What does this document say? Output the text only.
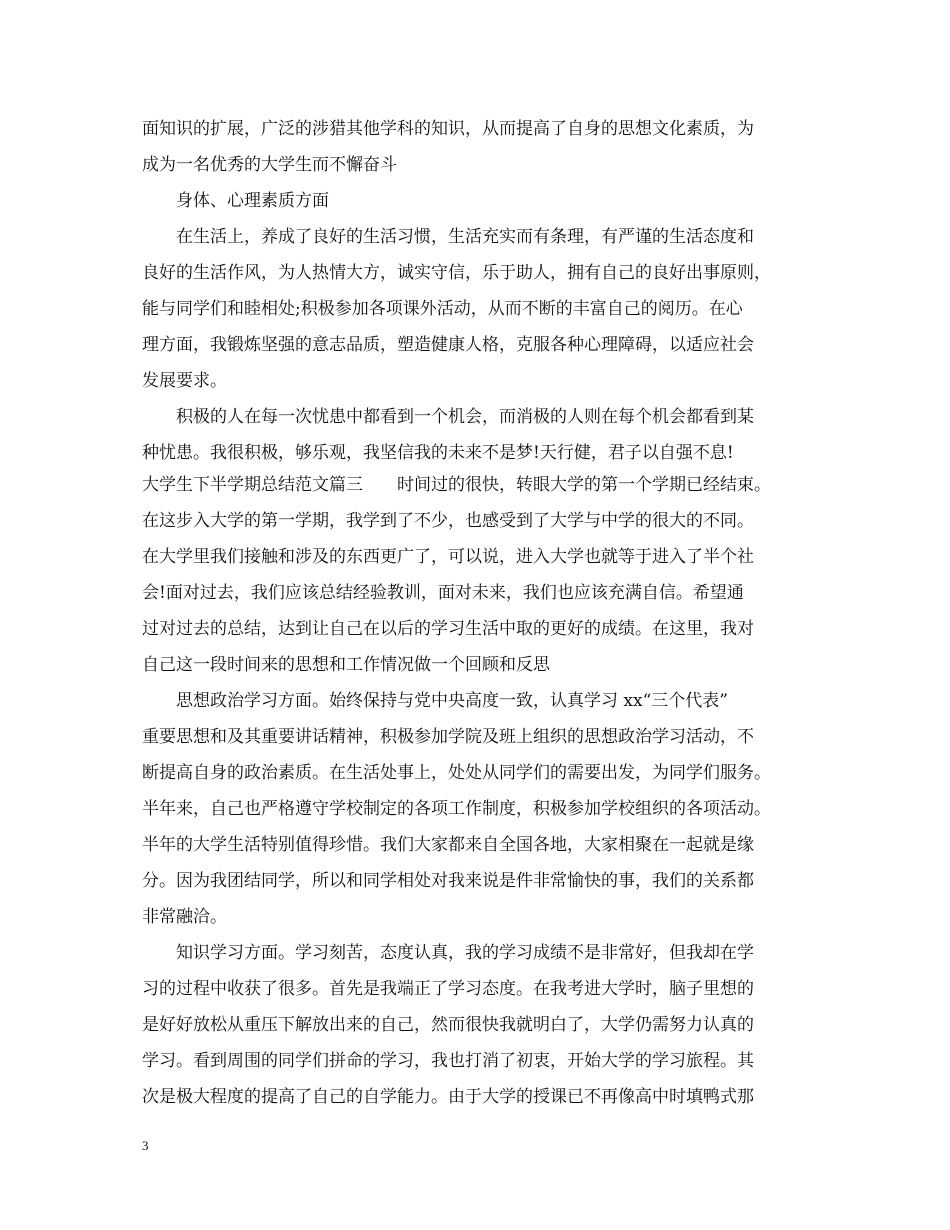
面知识的扩展，广泛的涉猎其他学科的知识，从而提高了自身的思想文化素质，为
成为一名优秀的大学生而不懈奋斗
身体、心理素质方面
在生活上，养成了良好的生活习惯，生活充实而有条理，有严谨的生活态度和
良好的生活作风，为人热情大方，诚实守信，乐于助人，拥有自己的良好出事原则，
能与同学们和睦相处;积极参加各项课外活动，从而不断的丰富自己的阅历。在心
理方面，我锻炼坚强的意志品质，塑造健康人格，克服各种心理障碍，以适应社会
发展要求。
积极的人在每一次忧患中都看到一个机会，而消极的人则在每个机会都看到某
种忧患。我很积极，够乐观，我坚信我的未来不是梦!天行健，君子以自强不息!
大学生下半学期总结范文篇三　　时间过的很快，转眼大学的第一个学期已经结束。
在这步入大学的第一学期，我学到了不少，也感受到了大学与中学的很大的不同。
在大学里我们接触和涉及的东西更广了，可以说，进入大学也就等于进入了半个社
会!面对过去，我们应该总结经验教训，面对未来，我们也应该充满自信。希望通
过对过去的总结，达到让自己在以后的学习生活中取的更好的成绩。在这里，我对
自己这一段时间来的思想和工作情况做一个回顾和反思
思想政治学习方面。始终保持与党中央高度一致，认真学习 xx“三个代表”
重要思想和及其重要讲话精神，积极参加学院及班上组织的思想政治学习活动，不
断提高自身的政治素质。在生活处事上，处处从同学们的需要出发，为同学们服务。
半年来，自己也严格遵守学校制定的各项工作制度，积极参加学校组织的各项活动。
半年的大学生活特别值得珍惜。我们大家都来自全国各地，大家相聚在一起就是缘
分。因为我团结同学，所以和同学相处对我来说是件非常愉快的事，我们的关系都
非常融洽。
知识学习方面。学习刻苦，态度认真，我的学习成绩不是非常好，但我却在学
习的过程中收获了很多。首先是我端正了学习态度。在我考进大学时，脑子里想的
是好好放松从重压下解放出来的自己，然而很快我就明白了，大学仍需努力认真的
学习。看到周围的同学们拼命的学习，我也打消了初衷，开始大学的学习旅程。其
次是极大程度的提高了自己的自学能力。由于大学的授课已不再像高中时填鸭式那
3
